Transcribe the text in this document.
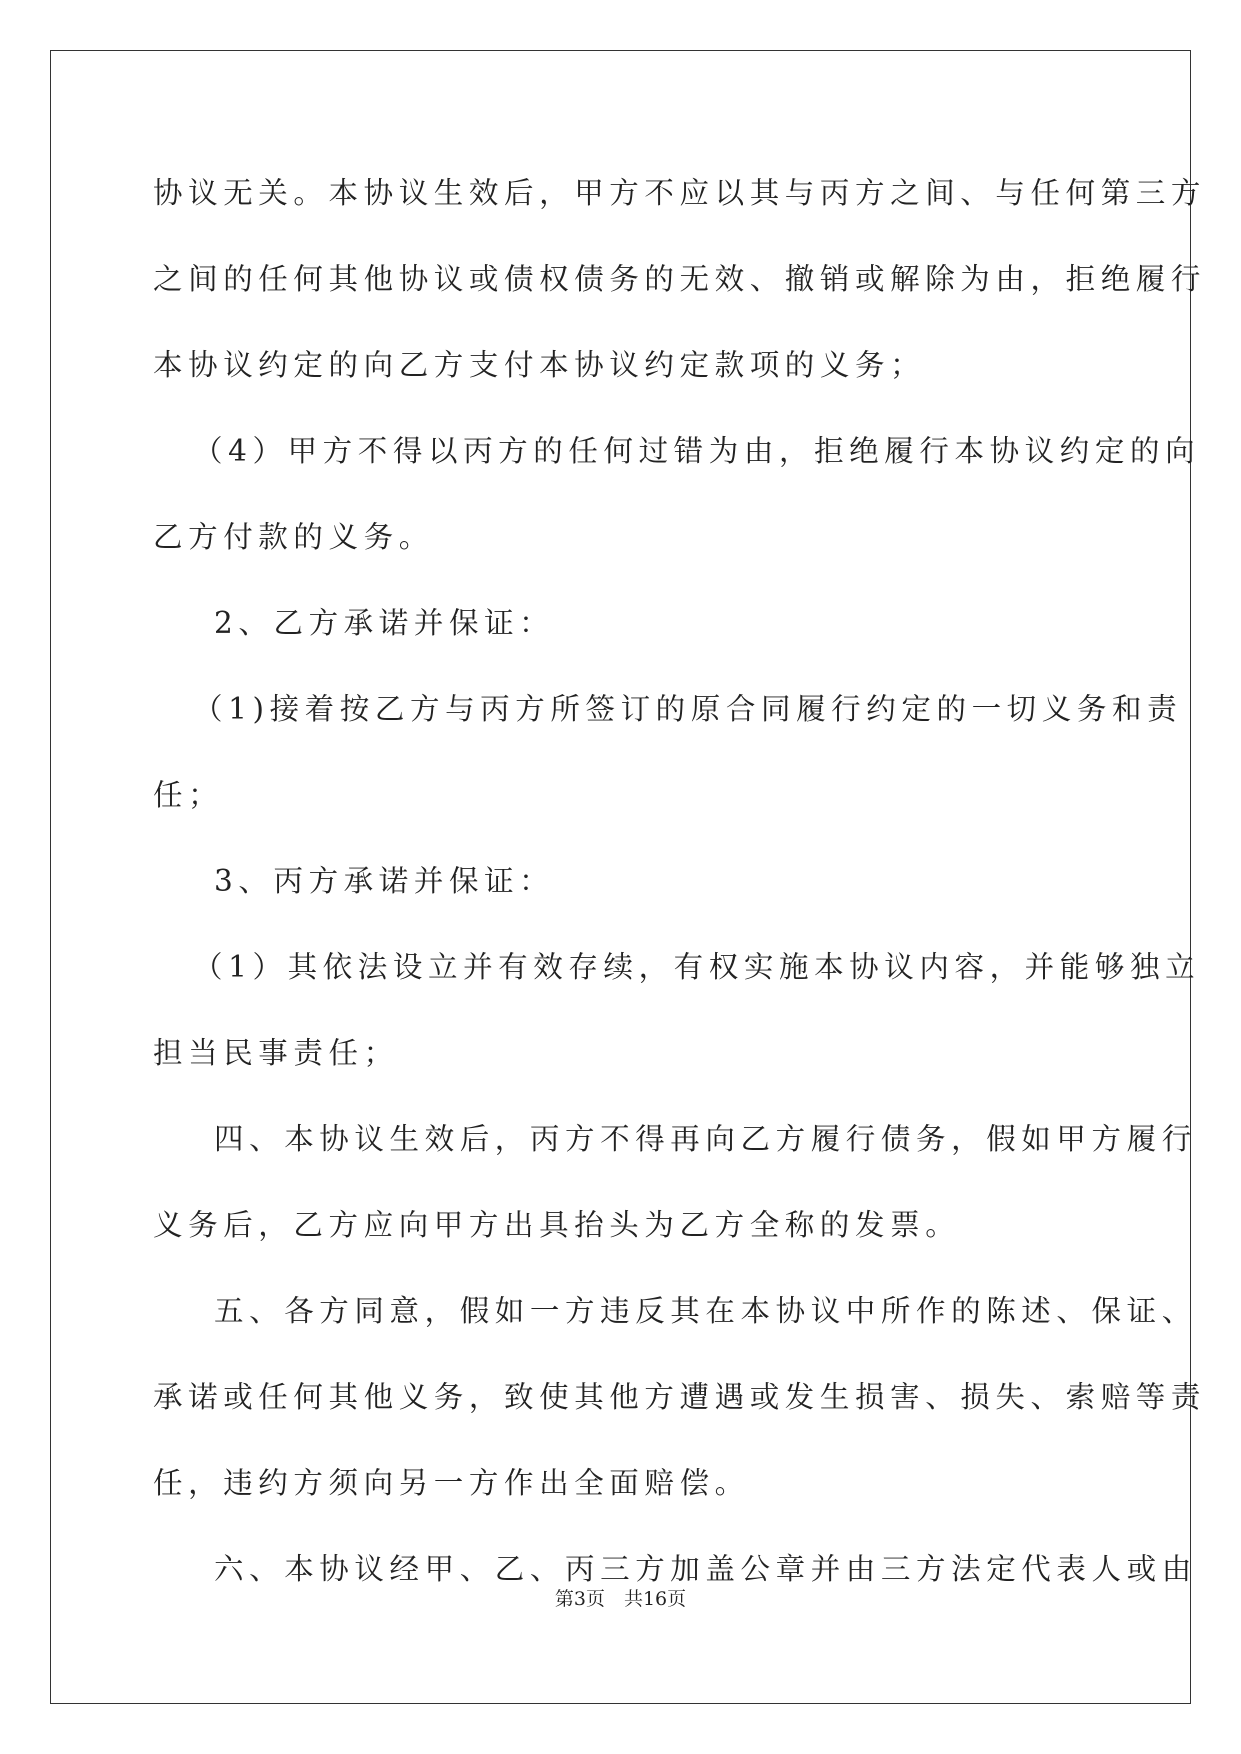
协议无关。本协议生效后，甲方不应以其与丙方之间、与任何第三方
之间的任何其他协议或债权债务的无效、撤销或解除为由，拒绝履行
本协议约定的向乙方支付本协议约定款项的义务；
（4）甲方不得以丙方的任何过错为由，拒绝履行本协议约定的向
乙方付款的义务。
2、乙方承诺并保证：
（1)接着按乙方与丙方所签订的原合同履行约定的一切义务和责
任；
3、丙方承诺并保证：
（1）其依法设立并有效存续，有权实施本协议内容，并能够独立
担当民事责任；
四、本协议生效后，丙方不得再向乙方履行债务，假如甲方履行
义务后，乙方应向甲方出具抬头为乙方全称的发票。
五、各方同意，假如一方违反其在本协议中所作的陈述、保证、
承诺或任何其他义务，致使其他方遭遇或发生损害、损失、索赔等责
任，违约方须向另一方作出全面赔偿。
六、本协议经甲、乙、丙三方加盖公章并由三方法定代表人或由
第3页　共16页
